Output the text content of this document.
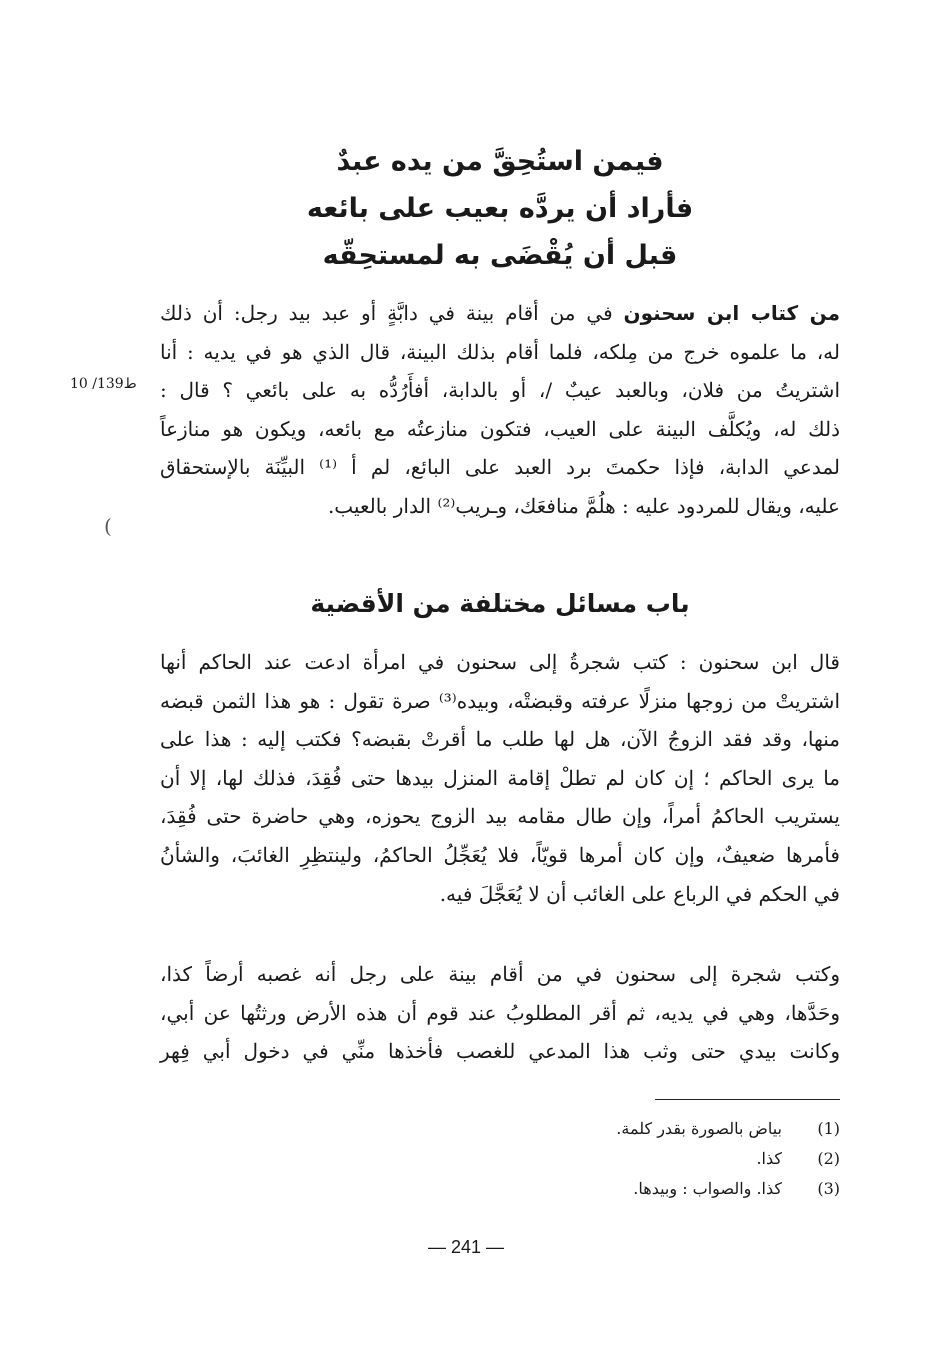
فيمن استُحِقَّ من يده عبدٌ
فأراد أن يردَّه بعيب على بائعه
قبل أن يُقْضَى به لمستحِقّه
من كتاب ابن سحنون في من أقام بينة في دابَّةٍ أو عبد بيد رجل: أن ذلك
له، ما علموه خرج من مِلكه، فلما أقام بذلك البينة، قال الذي هو في يديه : أنا
اشتريتُ من فلان، وبالعبد عيبٌ /، أو بالدابة، أفأَرُدُّه به على بائعي ؟ قال :
ذلك له، ويُكلَّف البينة على العيب، فتكون منازعتُه مع بائعه، ويكون هو منازعاً
لمدعي الدابة، فإذا حكمتَ برد العبد على البائع، لم أ ⁽¹⁾ البيِّنَة بالإستحقاق
عليه، ويقال للمردود عليه : هلُمَّ منافعَك، وـريب⁽²⁾ الدار بالعيب.
10 /139ط
(
باب مسائل مختلفة من الأقضية
قال ابن سحنون : كتب شجرةُ إلى سحنون في امرأة ادعت عند الحاكم أنها
اشتريتْ من زوجها منزلًا عرفته وقبضتْه، وبيده⁽³⁾ صرة تقول : هو هذا الثمن قبضه
منها، وقد فقد الزوجُ الآن، هل لها طلب ما أقرتْ بقبضه؟ فكتب إليه : هذا على
ما يرى الحاكم ؛ إن كان لم تطلْ إقامة المنزل بيدها حتى فُقِدَ، فذلك لها، إلا أن
يستريب الحاكمُ أمراً، وإن طال مقامه بيد الزوج يحوزه، وهي حاضرة حتى فُقِدَ،
فأمرها ضعيفٌ، وإن كان أمرها قويّاً، فلا يُعَجِّلُ الحاكمُ، ولينتظِرِ الغائبَ، والشأنُ
في الحكم في الرباع على الغائب أن لا يُعَجَّلَ فيه.
وكتب شجرة إلى سحنون في من أقام بينة على رجل أنه غصبه أرضاً كذا،
وحَدَّها، وهي في يديه، ثم أقر المطلوبُ عند قوم أن هذه الأرض ورثتُها عن أبي،
وكانت بيدي حتى وثب هذا المدعي للغصب فأخذها منِّي في دخول أبي فِهر
(1)
بياض بالصورة بقدر كلمة.
(2)
كذا.
(3)
كذا. والصواب : وبيدها.
— 241 —
